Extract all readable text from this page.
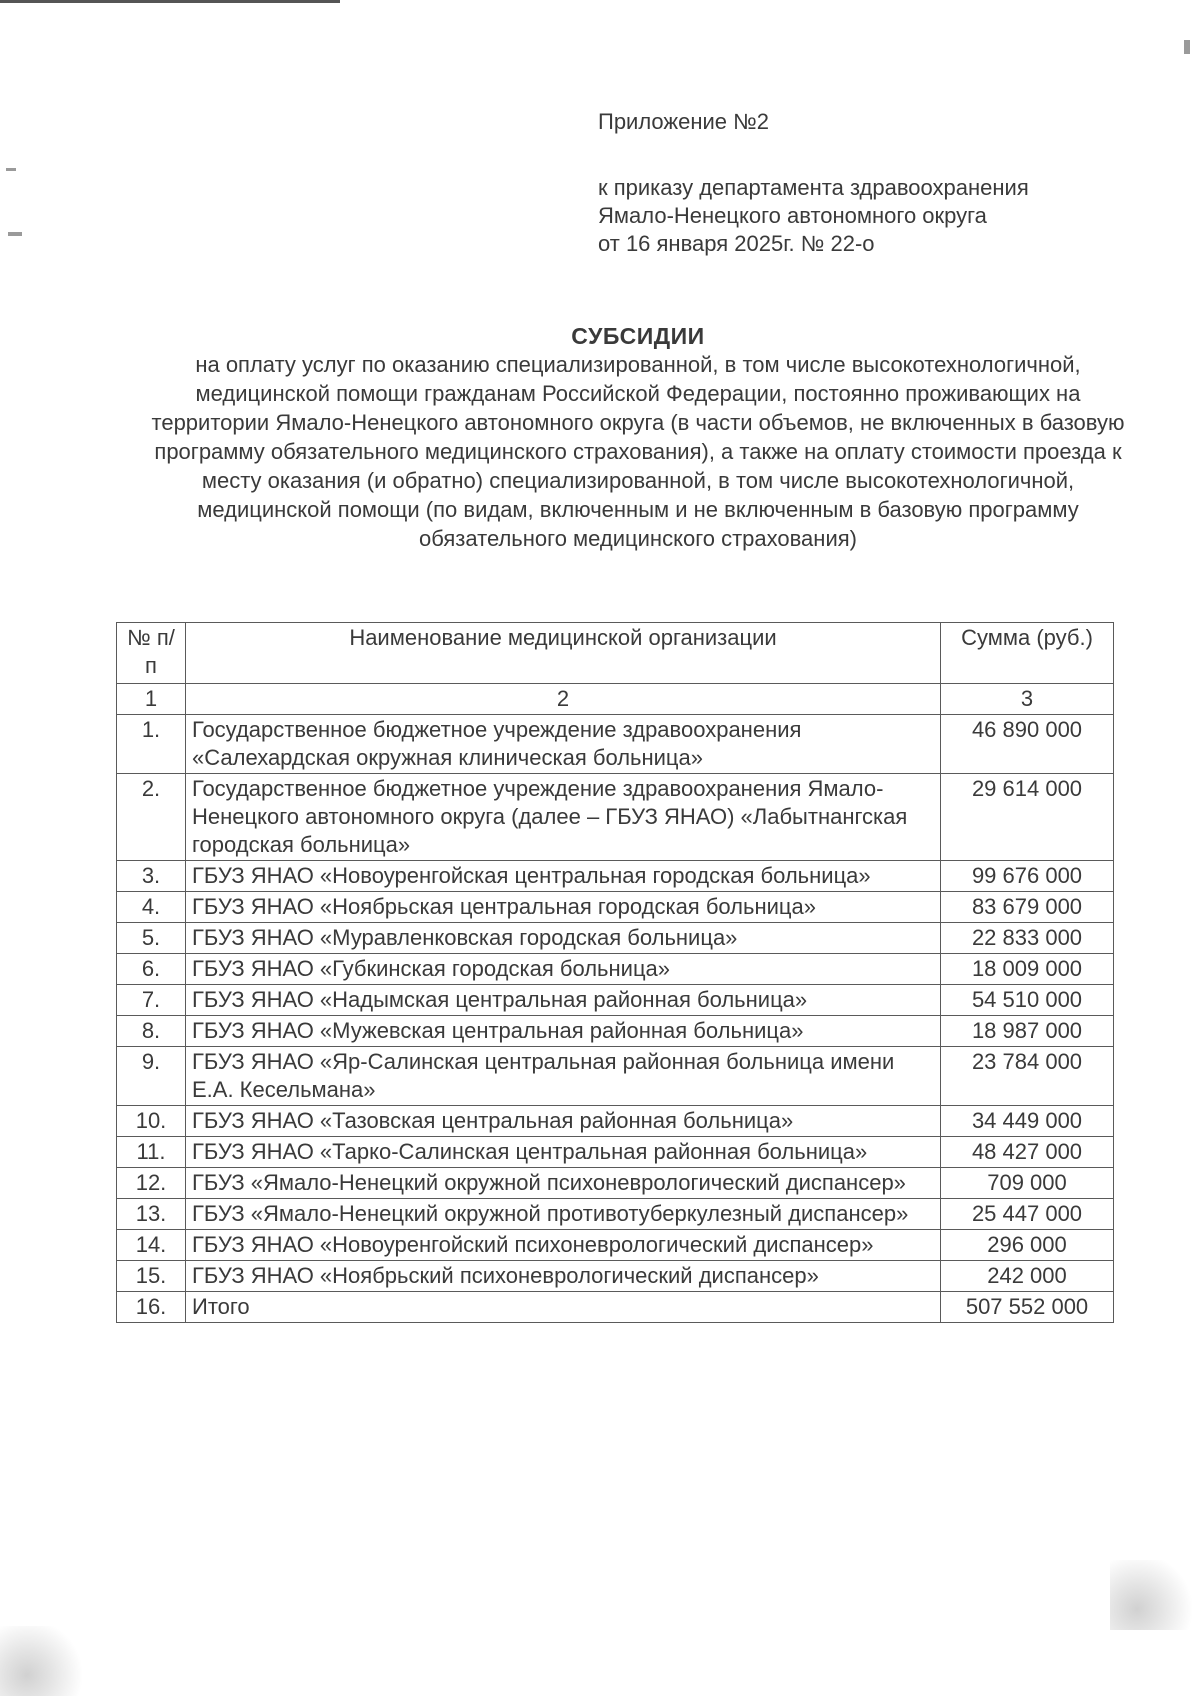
Приложение №2
к приказу департамента здравоохранения
Ямало-Ненецкого автономного округа
от 16 января 2025г. № 22-о
СУБСИДИИ
на оплату услуг по оказанию специализированной, в том числе высокотехнологичной, медицинской помощи гражданам Российской Федерации, постоянно проживающих на территории Ямало-Ненецкого автономного округа (в части объемов, не включенных в базовую программу обязательного медицинского страхования), а также на оплату стоимости проезда к месту оказания (и обратно) специализированной, в том числе высокотехнологичной, медицинской помощи (по видам, включенным и не включенным в базовую программу обязательного медицинского страхования)
№ п/п	Наименование медицинской организации	Сумма (руб.)
1	2	3
1.	Государственное бюджетное учреждение здравоохранения «Салехардская окружная клиническая больница»	46 890 000
2.	Государственное бюджетное учреждение здравоохранения Ямало-Ненецкого автономного округа (далее – ГБУЗ ЯНАО) «Лабытнангская городская больница»	29 614 000
3.	ГБУЗ ЯНАО «Новоуренгойская центральная городская больница»	99 676 000
4.	ГБУЗ ЯНАО «Ноябрьская центральная городская больница»	83 679 000
5.	ГБУЗ ЯНАО «Муравленковская городская больница»	22 833 000
6.	ГБУЗ ЯНАО «Губкинская городская больница»	18 009 000
7.	ГБУЗ ЯНАО «Надымская центральная районная больница»	54 510 000
8.	ГБУЗ ЯНАО «Мужевская центральная районная больница»	18 987 000
9.	ГБУЗ ЯНАО «Яр-Салинская центральная районная больница имени Е.А. Кесельмана»	23 784 000
10.	ГБУЗ ЯНАО «Тазовская центральная районная больница»	34 449 000
11.	ГБУЗ ЯНАО «Тарко-Салинская центральная районная больница»	48 427 000
12.	ГБУЗ «Ямало-Ненецкий окружной психоневрологический диспансер»	709 000
13.	ГБУЗ «Ямало-Ненецкий окружной противотуберкулезный диспансер»	25 447 000
14.	ГБУЗ ЯНАО «Новоуренгойский психоневрологический диспансер»	296 000
15.	ГБУЗ ЯНАО «Ноябрьский психоневрологический диспансер»	242 000
16.	Итого	507 552 000
